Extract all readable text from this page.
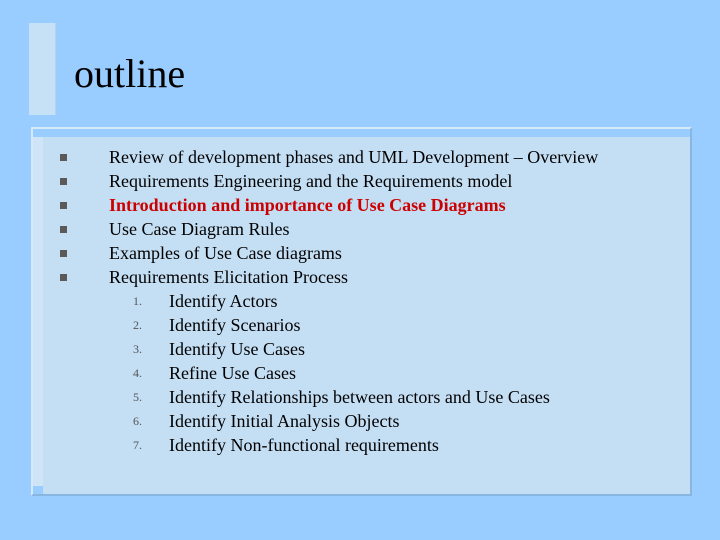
outline
Review of development phases and UML Development – Overview
Requirements Engineering and the Requirements model
Introduction and importance of Use Case Diagrams
Use Case Diagram Rules
Examples of Use Case diagrams
Requirements Elicitation Process
1.	Identify Actors
2.	Identify Scenarios
3.	Identify Use Cases
4.	Refine Use Cases
5.	Identify Relationships between actors and Use Cases
6.	Identify Initial Analysis Objects
7.	Identify Non-functional requirements
